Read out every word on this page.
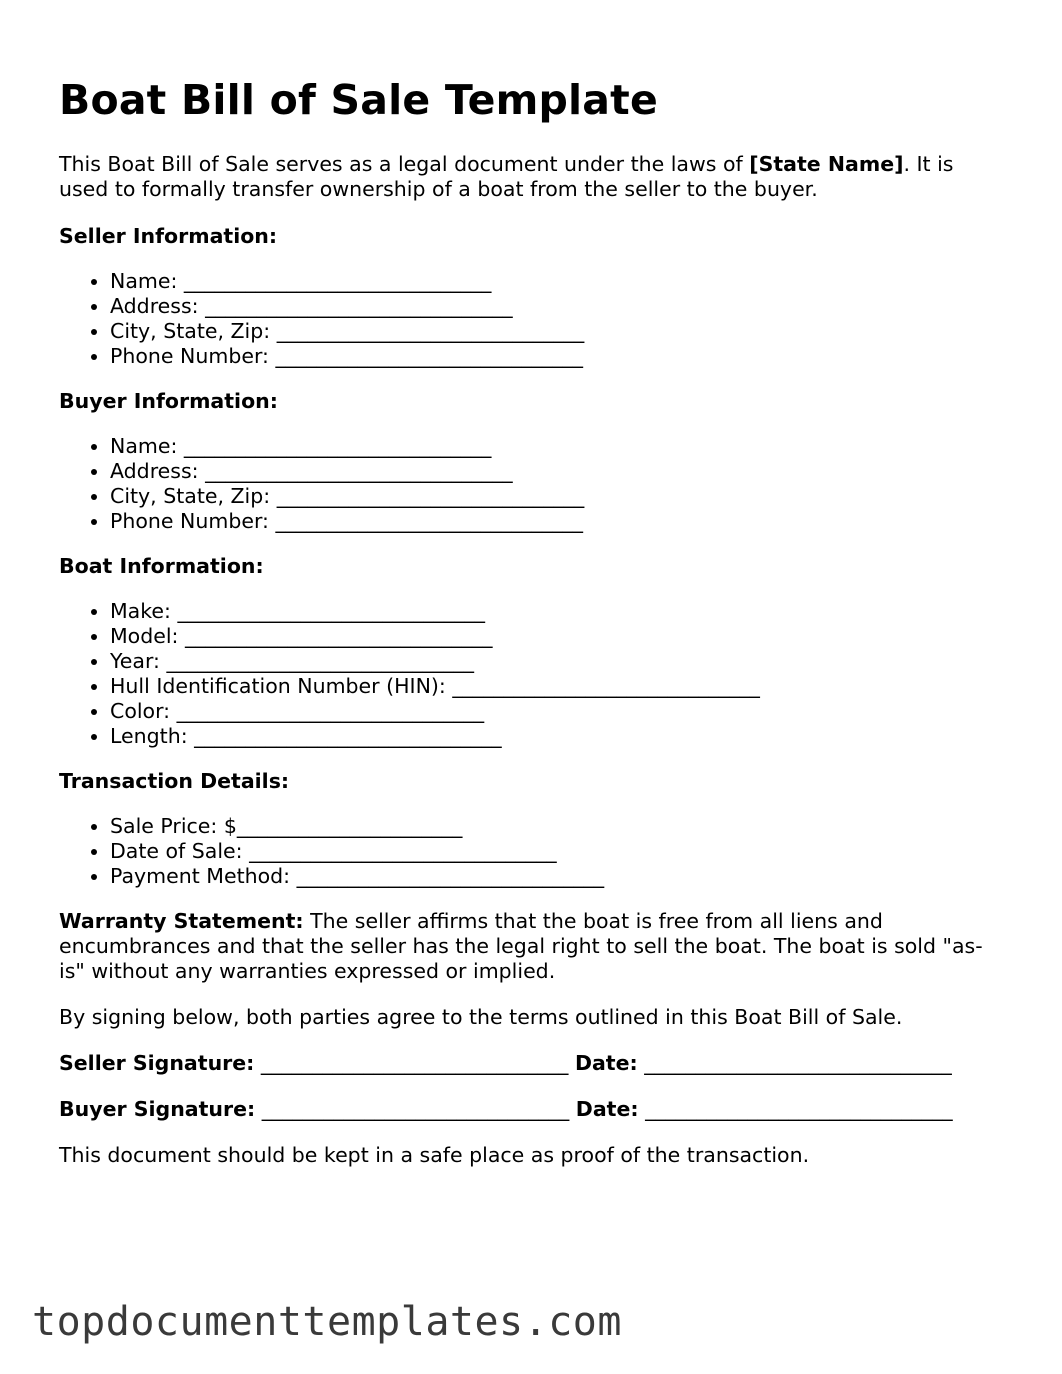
Boat Bill of Sale Template

This Boat Bill of Sale serves as a legal document under the laws of [State Name]. It is used to formally transfer ownership of a boat from the seller to the buyer.

Seller Information:
• Name: ______________________________
• Address: ______________________________
• City, State, Zip: ______________________________
• Phone Number: ______________________________
Buyer Information:
• Name: ______________________________
• Address: ______________________________
• City, State, Zip: ______________________________
• Phone Number: ______________________________
Boat Information:
• Make: ______________________________
• Model: ______________________________
• Year: ______________________________
• Hull Identification Number (HIN): ______________________________
• Color: ______________________________
• Length: ______________________________
Transaction Details:
• Sale Price: $______________________
• Date of Sale: ______________________________
• Payment Method: ______________________________

Warranty Statement: The seller affirms that the boat is free from all liens and encumbrances and that the seller has the legal right to sell the boat. The boat is sold "as-is" without any warranties expressed or implied.

By signing below, both parties agree to the terms outlined in this Boat Bill of Sale.

Seller Signature: ______________________________ Date: ______________________________

Buyer Signature: ______________________________ Date: ______________________________

This document should be kept in a safe place as proof of the transaction.

topdocumenttemplates.com
